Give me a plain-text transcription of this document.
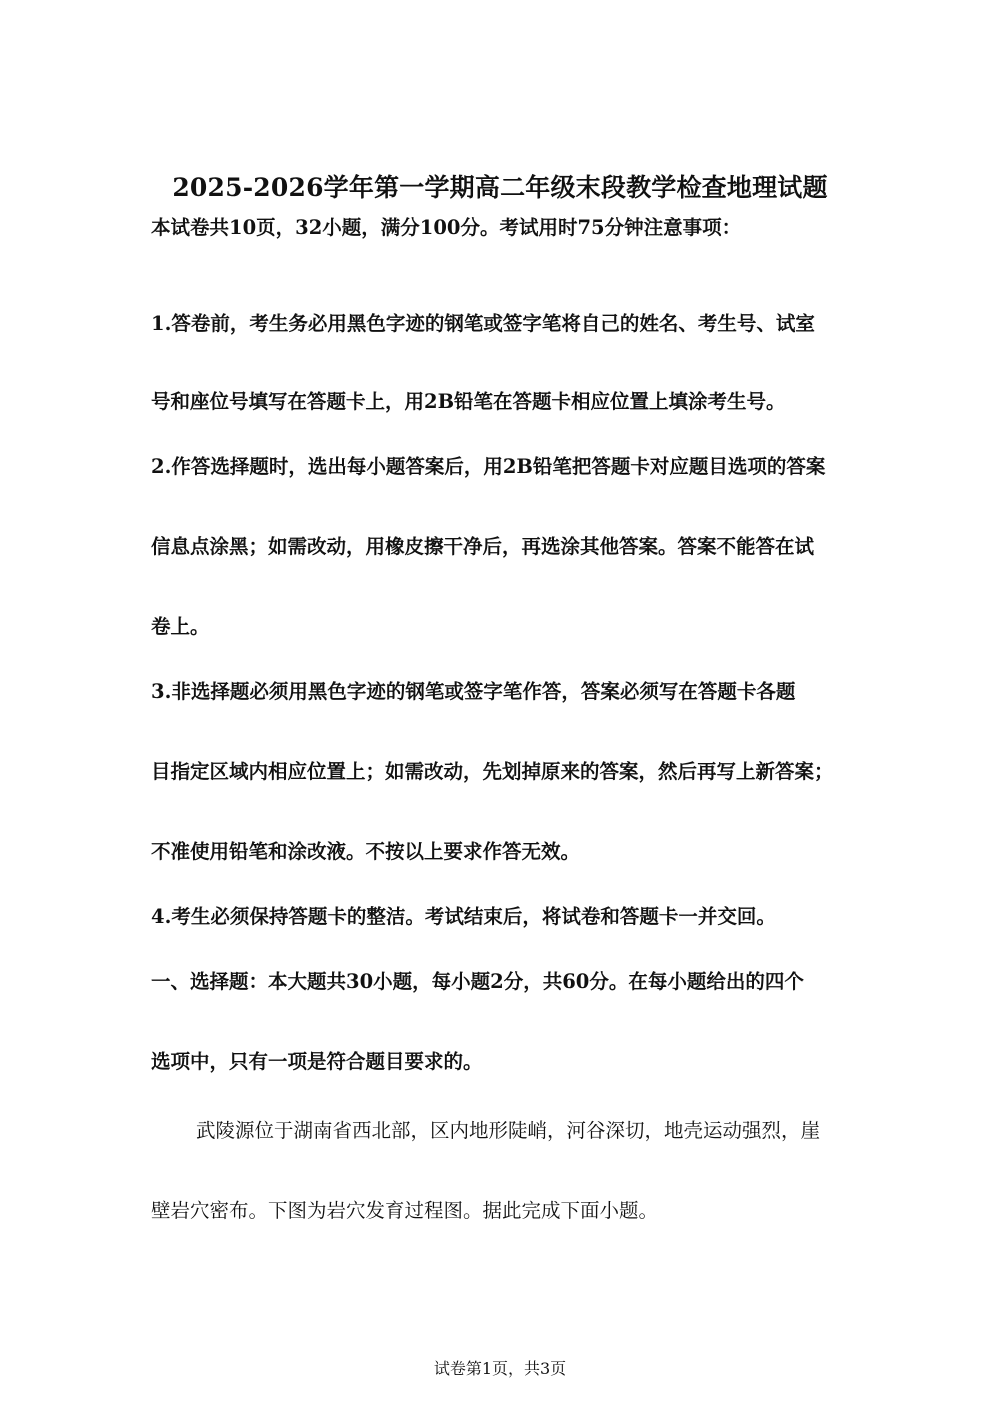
2025-2026学年第一学期高二年级末段教学检查地理试题
本试卷共10页，32小题，满分100分。考试用时75分钟注意事项：
1.答卷前，考生务必用黑色字迹的钢笔或签字笔将自己的姓名、考生号、试室
号和座位号填写在答题卡上，用2B铅笔在答题卡相应位置上填涂考生号。
2.作答选择题时，选出每小题答案后，用2B铅笔把答题卡对应题目选项的答案
信息点涂黑；如需改动，用橡皮擦干净后，再选涂其他答案。答案不能答在试
卷上。
3.非选择题必须用黑色字迹的钢笔或签字笔作答，答案必须写在答题卡各题
目指定区域内相应位置上；如需改动，先划掉原来的答案，然后再写上新答案；
不准使用铅笔和涂改液。不按以上要求作答无效。
4.考生必须保持答题卡的整洁。考试结束后，将试卷和答题卡一并交回。
一、选择题：本大题共30小题，每小题2分，共60分。在每小题给出的四个
选项中，只有一项是符合题目要求的。
武陵源位于湖南省西北部，区内地形陡峭，河谷深切，地壳运动强烈，崖
壁岩穴密布。下图为岩穴发育过程图。据此完成下面小题。
试卷第1页，共3页
